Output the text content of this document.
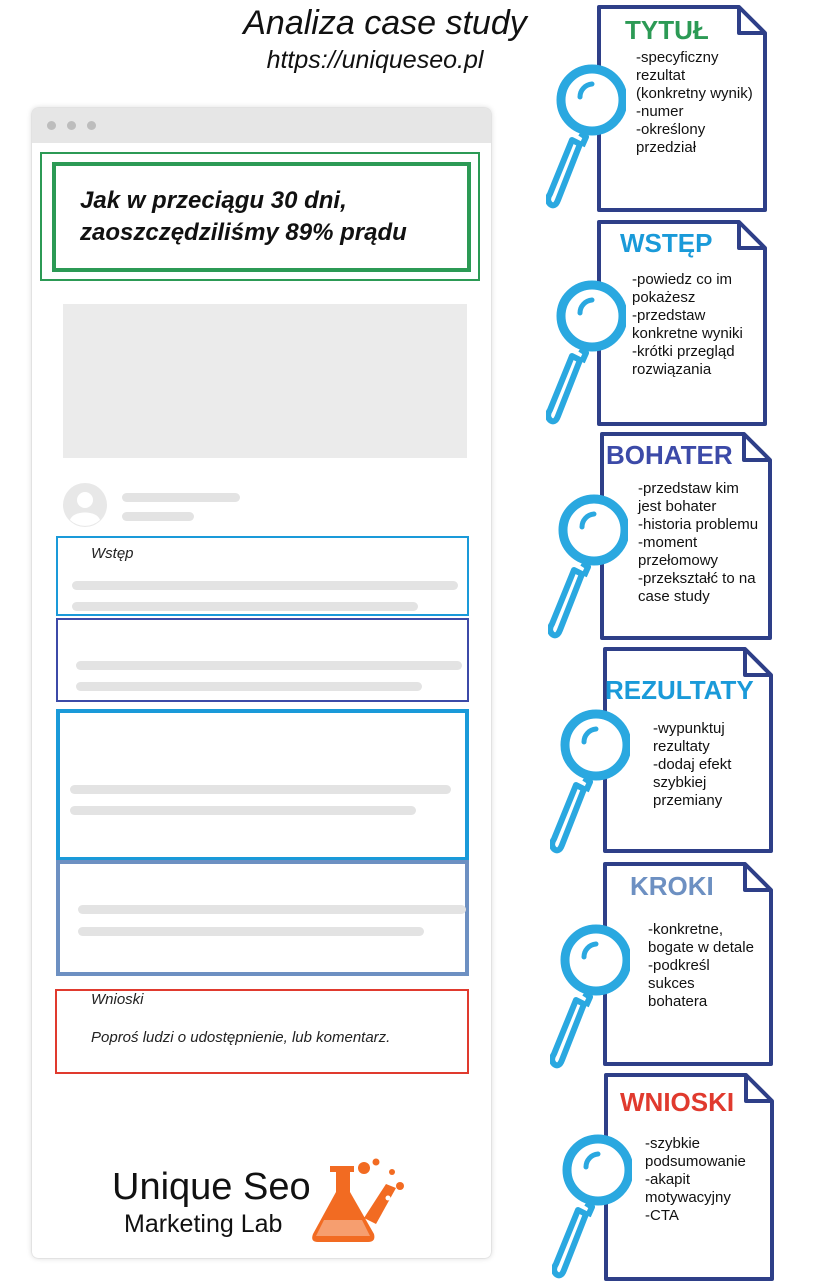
Analiza case study
https://uniqueseo.pl
Jak w przeciągu 30 dni,
zaoszczędziliśmy 89% prądu
Wstęp
Wnioski
Poproś ludzi o udostępnienie, lub komentarz.
Unique Seo
Marketing Lab
TYTUŁ
-specyficzny
rezultat
(konkretny wynik)
-numer
-określony
przedział
WSTĘP
-powiedz co im
pokażesz
-przedstaw
konkretne wyniki
-krótki przegląd
rozwiązania
BOHATER
-przedstaw kim
jest bohater
-historia problemu
-moment
przełomowy
-przekształć to na
case study
REZULTATY
-wypunktuj
rezultaty
-dodaj efekt
szybkiej
przemiany
KROKI
-konkretne,
bogate w detale
-podkreśl
sukces
bohatera
WNIOSKI
-szybkie
podsumowanie
-akapit
motywacyjny
-CTA
